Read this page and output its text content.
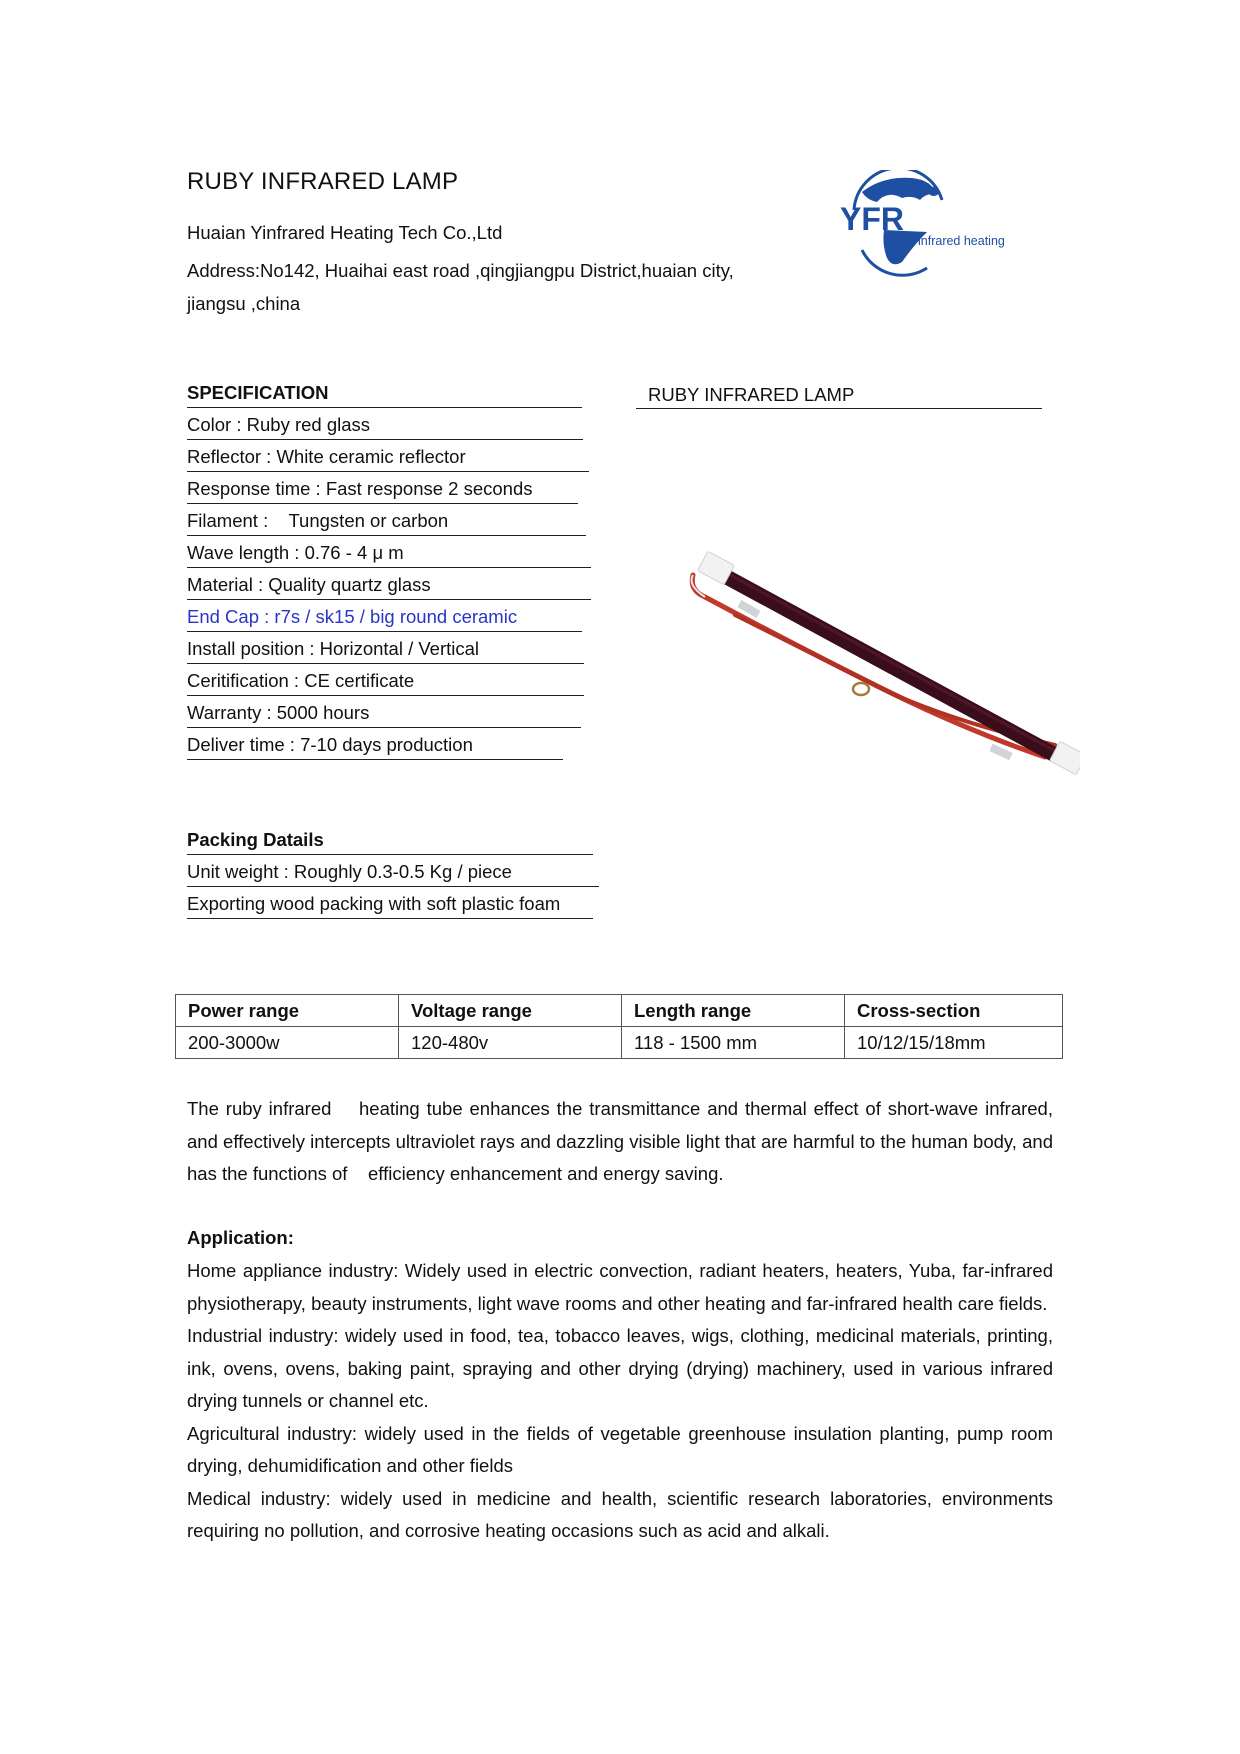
RUBY INFRARED LAMP
Huaian Yinfrared Heating Tech Co.,Ltd
Address:No142, Huaihai east road ,qingjiangpu District,huaian city, jiangsu ,china
YFR
infrared heating
SPECIFICATION
Color : Ruby red glass
Reflector : White ceramic reflector
Response time : Fast response 2 seconds
Filament :    Tungsten or carbon
Wave length : 0.76 - 4 μ m
Material : Quality quartz glass
End Cap : r7s / sk15 / big round ceramic
Install position : Horizontal / Vertical
Ceritification : CE certificate
Warranty : 5000 hours
Deliver time : 7-10 days production
RUBY INFRARED LAMP
Packing Datails
Unit weight : Roughly 0.3-0.5 Kg / piece
Exporting wood packing with soft plastic foam
Power range	Voltage range	Length range	Cross-section
200-3000w	120-480v	118 - 1500 mm	10/12/15/18mm
The ruby infrared    heating tube enhances the transmittance and thermal effect of short-wave infrared, and effectively intercepts ultraviolet rays and dazzling visible light that are harmful to the human body, and has the functions of    efficiency enhancement and energy saving.
Application:

Home appliance industry: Widely used in electric convection, radiant heaters, heaters, Yuba, far-infrared physiotherapy, beauty instruments, light wave rooms and other heating and far-infrared health care fields.

Industrial industry: widely used in food, tea, tobacco leaves, wigs, clothing, medicinal materials, printing, ink, ovens, ovens, baking paint, spraying and other drying (drying) machinery, used in various infrared drying tunnels or channel etc.

Agricultural industry: widely used in the fields of vegetable greenhouse insulation planting, pump room drying, dehumidification and other fields

Medical industry: widely used in medicine and health, scientific research laboratories, environments requiring no pollution, and corrosive heating occasions such as acid and alkali.
